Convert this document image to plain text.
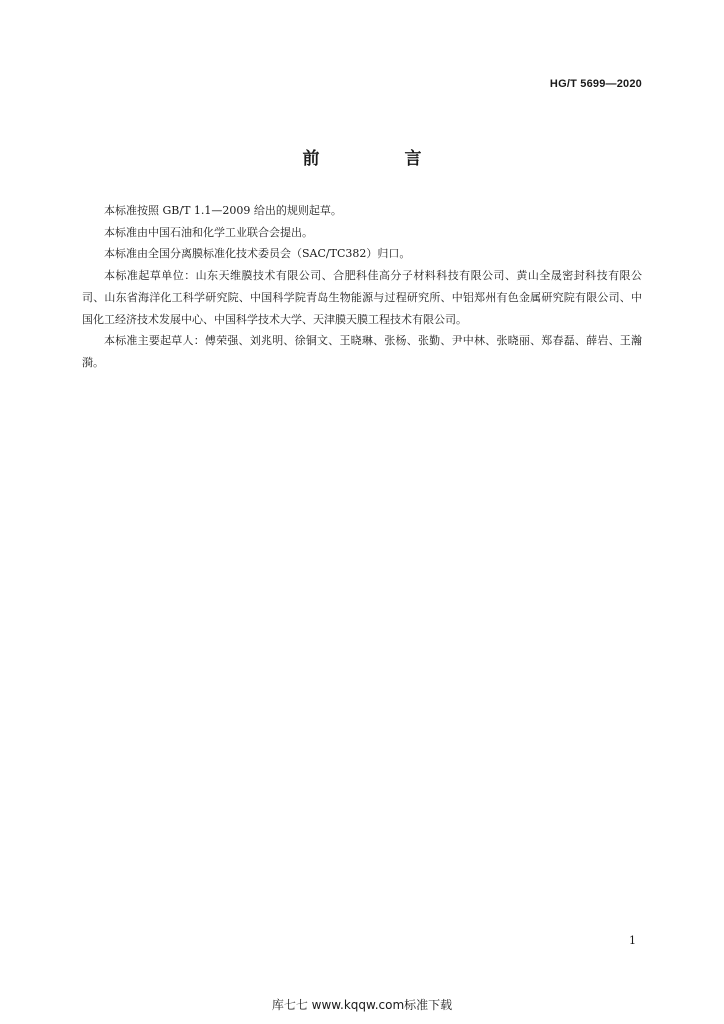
HG/T 5699—2020
前　言

本标准按照 GB/T 1.1—2009 给出的规则起草。

本标准由中国石油和化学工业联合会提出。

本标准由全国分离膜标准化技术委员会（SAC/TC382）归口。

本标准起草单位：山东天维膜技术有限公司、合肥科佳高分子材料科技有限公司、黄山全晟密封科技有限公司、山东省海洋化工科学研究院、中国科学院青岛生物能源与过程研究所、中铝郑州有色金属研究院有限公司、中国化工经济技术发展中心、中国科学技术大学、天津膜天膜工程技术有限公司。

本标准主要起草人：傅荣强、刘兆明、徐铜文、王晓琳、张杨、张勤、尹中林、张晓丽、郑春磊、薛岩、王瀚漪。

1
库七七 www.kqqw.com标准下载
